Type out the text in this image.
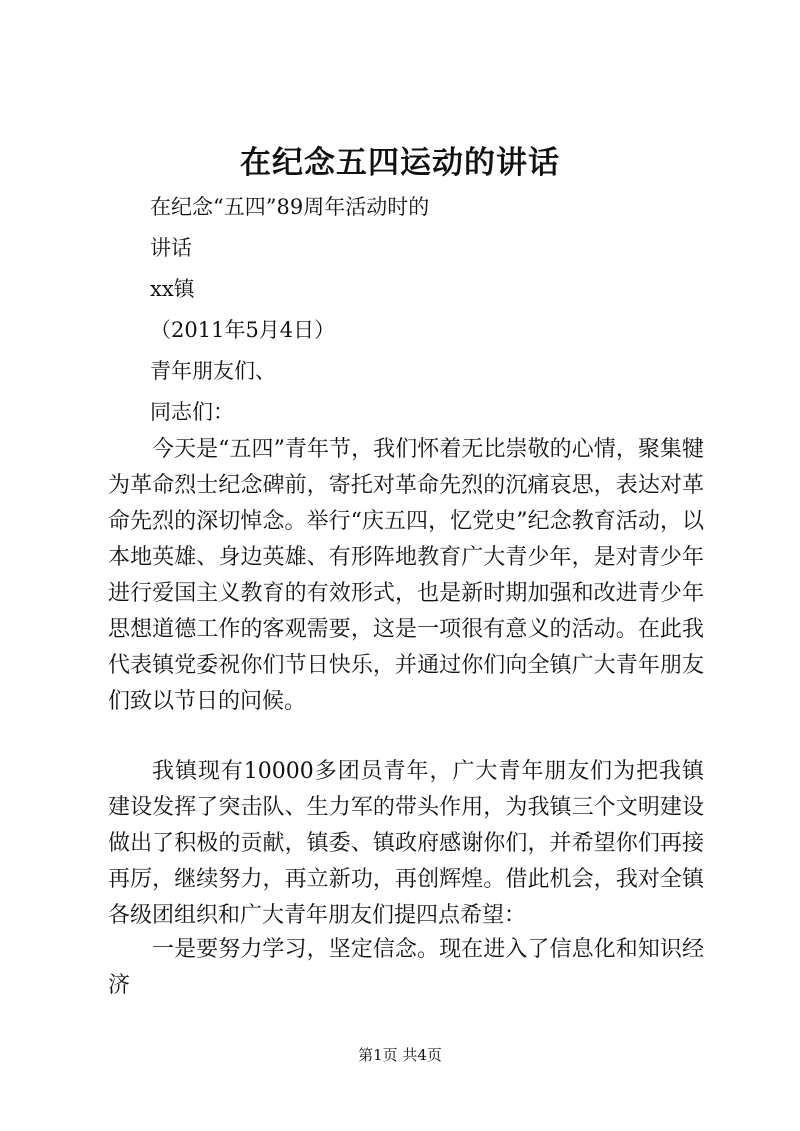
在纪念五四运动的讲话
在纪念“五四”89周年活动时的
讲话
xx镇
（2011年5月4日）
青年朋友们、
同志们：

今天是“五四”青年节，我们怀着无比崇敬的心情，聚集犍为革命烈士纪念碑前，寄托对革命先烈的沉痛哀思，表达对革命先烈的深切悼念。举行“庆五四，忆党史”纪念教育活动，以本地英雄、身边英雄、有形阵地教育广大青少年，是对青少年进行爱国主义教育的有效形式，也是新时期加强和改进青少年思想道德工作的客观需要，这是一项很有意义的活动。在此我代表镇党委祝你们节日快乐，并通过你们向全镇广大青年朋友们致以节日的问候。

我镇现有10000多团员青年，广大青年朋友们为把我镇建设发挥了突击队、生力军的带头作用，为我镇三个文明建设做出了积极的贡献，镇委、镇政府感谢你们，并希望你们再接再厉，继续努力，再立新功，再创辉煌。借此机会，我对全镇各级团组织和广大青年朋友们提四点希望：

一是要努力学习，坚定信念。现在进入了信息化和知识经济

第1页 共4页
